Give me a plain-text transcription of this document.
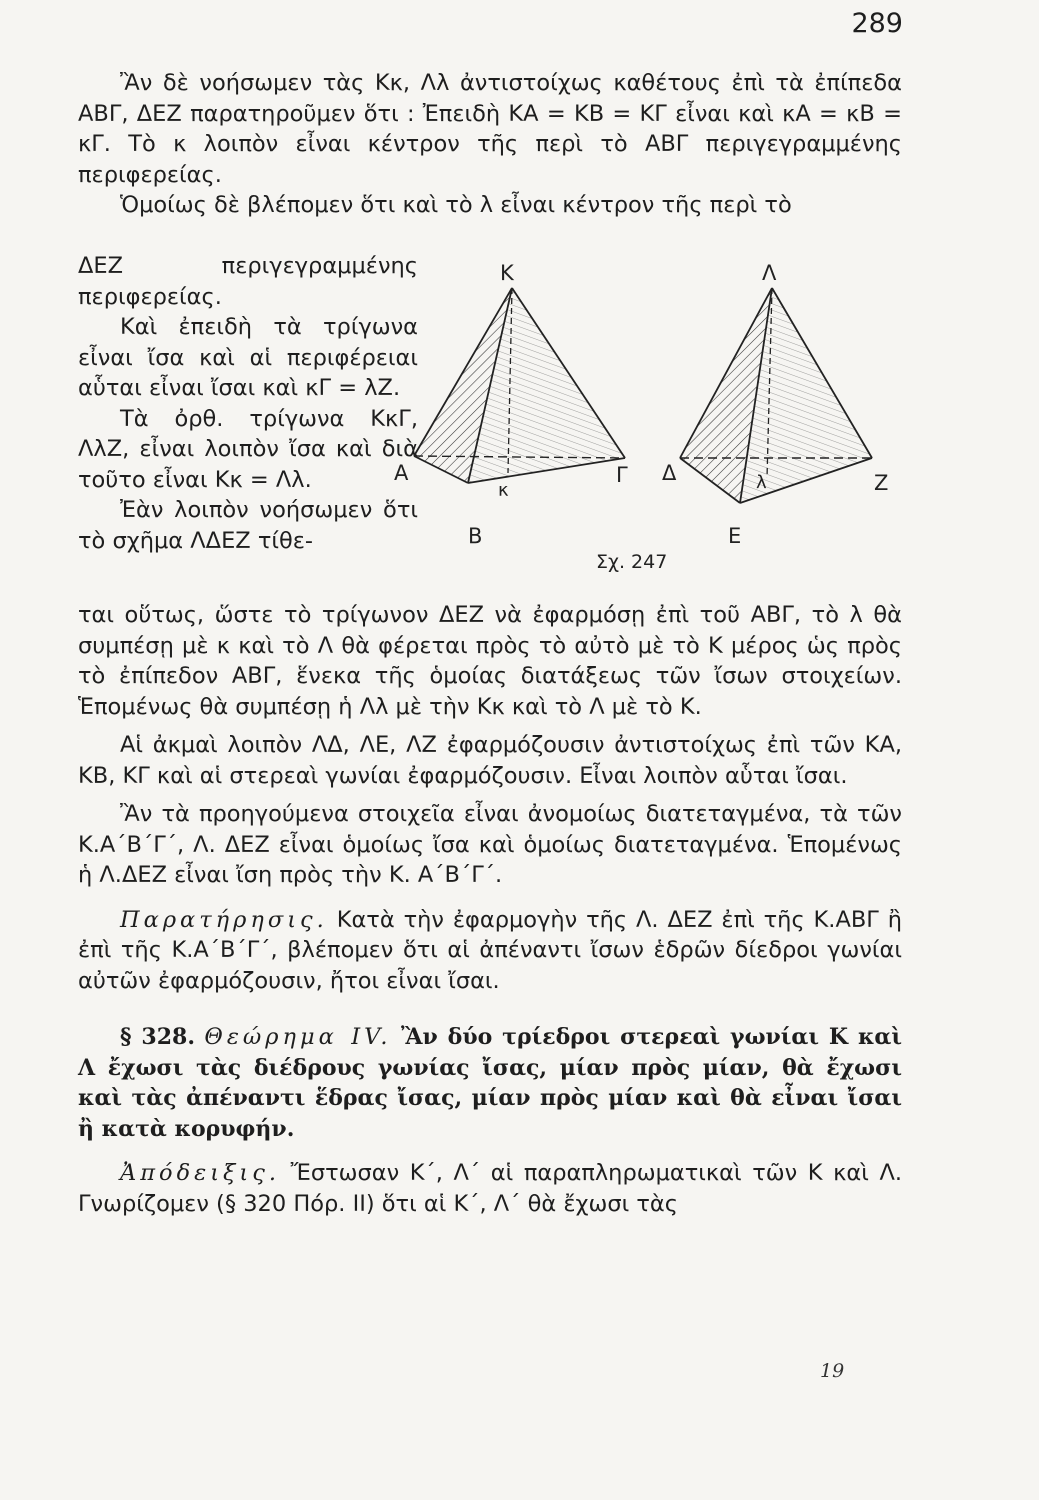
289

Ἂν δὲ νοήσωμεν τὰς Κκ, Λλ ἀντιστοίχως καθέτους ἐπὶ τὰ ἐπίπεδα ΑΒΓ, ΔΕΖ παρατηροῦμεν ὅτι : Ἐπειδὴ ΚΑ = ΚΒ = ΚΓ εἶναι καὶ κΑ = κΒ = κΓ. Τὸ κ λοιπὸν εἶναι κέντρον τῆς περὶ τὸ ΑΒΓ περιγεγραμμένης περιφερείας.

Ὁμοίως δὲ βλέπομεν ὅτι καὶ τὸ λ εἶναι κέντρον τῆς περὶ τὸ

ΔΕΖ περιγεγραμμένης περιφερείας.

Καὶ ἐπειδὴ τὰ τρίγωνα εἶναι ἴσα καὶ αἱ περιφέρειαι αὗται εἶναι ἴσαι καὶ κΓ = λΖ.

Τὰ ὀρθ. τρίγωνα ΚκΓ, ΛλΖ, εἶναι λοιπὸν ἴσα καὶ διὰ τοῦτο εἶναι Κκ = Λλ.

Ἐὰν λοιπὸν νοήσωμεν ὅτι τὸ σχῆμα ΛΔΕΖ τίθε-

Κ
Α
Β
Γ
κ
Λ
Δ
Ε
Ζ
λ
Σχ. 247

ται οὕτως, ὥστε τὸ τρίγωνον ΔΕΖ νὰ ἐφαρμόσῃ ἐπὶ τοῦ ΑΒΓ, τὸ λ θὰ συμπέσῃ μὲ κ καὶ τὸ Λ θὰ φέρεται πρὸς τὸ αὐτὸ μὲ τὸ Κ μέρος ὡς πρὸς τὸ ἐπίπεδον ΑΒΓ, ἕνεκα τῆς ὁμοίας διατάξεως τῶν ἴσων στοιχείων. Ἑπομένως θὰ συμπέσῃ ἡ Λλ μὲ τὴν Κκ καὶ τὸ Λ μὲ τὸ Κ.

Αἱ ἀκμαὶ λοιπὸν ΛΔ, ΛΕ, ΛΖ ἐφαρμόζουσιν ἀντιστοίχως ἐπὶ τῶν ΚΑ, ΚΒ, ΚΓ καὶ αἱ στερεαὶ γωνίαι ἐφαρμόζουσιν. Εἶναι λοιπὸν αὗται ἴσαι.

Ἂν τὰ προηγούμενα στοιχεῖα εἶναι ἀνομοίως διατεταγμένα, τὰ τῶν Κ.Α΄Β΄Γ΄, Λ. ΔΕΖ εἶναι ὁμοίως ἴσα καὶ ὁμοίως διατεταγμένα. Ἑπομένως ἡ Λ.ΔΕΖ εἶναι ἴση πρὸς τὴν Κ. Α΄Β΄Γ΄.

Παρατήρησις. Κατὰ τὴν ἐφαρμογὴν τῆς Λ. ΔΕΖ ἐπὶ τῆς Κ.ΑΒΓ ἢ ἐπὶ τῆς Κ.Α΄Β΄Γ΄, βλέπομεν ὅτι αἱ ἀπέναντι ἴσων ἑδρῶν δίεδροι γωνίαι αὐτῶν ἐφαρμόζουσιν, ἤτοι εἶναι ἴσαι.

§ 328. Θεώρημα IV. Ἂν δύο τρίεδροι στερεαὶ γωνίαι Κ καὶ Λ ἔχωσι τὰς διέδρους γωνίας ἴσας, μίαν πρὸς μίαν, θὰ ἔχωσι καὶ τὰς ἀπέναντι ἕδρας ἴσας, μίαν πρὸς μίαν καὶ θὰ εἶναι ἴσαι ἢ κατὰ κορυφήν.

Ἀπόδειξις. Ἔστωσαν Κ΄, Λ΄ αἱ παραπληρωματικαὶ τῶν Κ καὶ Λ. Γνωρίζομεν (§ 320 Πόρ. ΙΙ) ὅτι αἱ Κ΄, Λ΄ θὰ ἔχωσι τὰς

19
